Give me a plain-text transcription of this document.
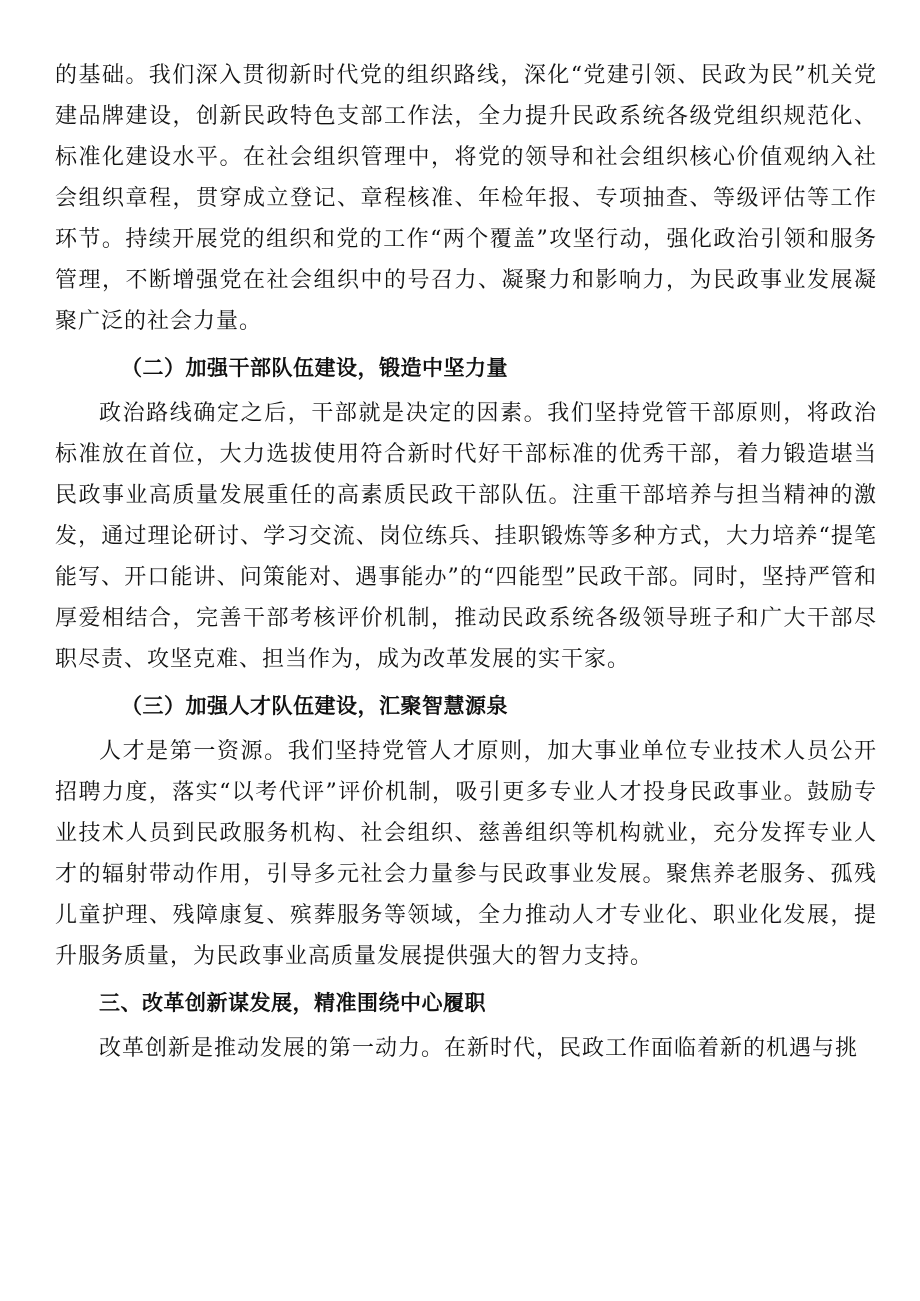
的基础。我们深入贯彻新时代党的组织路线，深化“党建引领、民政为民”机关党建品牌建设，创新民政特色支部工作法，全力提升民政系统各级党组织规范化、标准化建设水平。在社会组织管理中，将党的领导和社会组织核心价值观纳入社会组织章程，贯穿成立登记、章程核准、年检年报、专项抽查、等级评估等工作环节。持续开展党的组织和党的工作“两个覆盖”攻坚行动，强化政治引领和服务管理，不断增强党在社会组织中的号召力、凝聚力和影响力，为民政事业发展凝聚广泛的社会力量。

（二）加强干部队伍建设，锻造中坚力量

政治路线确定之后，干部就是决定的因素。我们坚持党管干部原则，将政治标准放在首位，大力选拔使用符合新时代好干部标准的优秀干部，着力锻造堪当民政事业高质量发展重任的高素质民政干部队伍。注重干部培养与担当精神的激发，通过理论研讨、学习交流、岗位练兵、挂职锻炼等多种方式，大力培养“提笔能写、开口能讲、问策能对、遇事能办”的“四能型”民政干部。同时，坚持严管和厚爱相结合，完善干部考核评价机制，推动民政系统各级领导班子和广大干部尽职尽责、攻坚克难、担当作为，成为改革发展的实干家。

（三）加强人才队伍建设，汇聚智慧源泉

人才是第一资源。我们坚持党管人才原则，加大事业单位专业技术人员公开招聘力度，落实“以考代评”评价机制，吸引更多专业人才投身民政事业。鼓励专业技术人员到民政服务机构、社会组织、慈善组织等机构就业，充分发挥专业人才的辐射带动作用，引导多元社会力量参与民政事业发展。聚焦养老服务、孤残儿童护理、残障康复、殡葬服务等领域，全力推动人才专业化、职业化发展，提升服务质量，为民政事业高质量发展提供强大的智力支持。

三、改革创新谋发展，精准围绕中心履职

改革创新是推动发展的第一动力。在新时代，民政工作面临着新的机遇与挑
